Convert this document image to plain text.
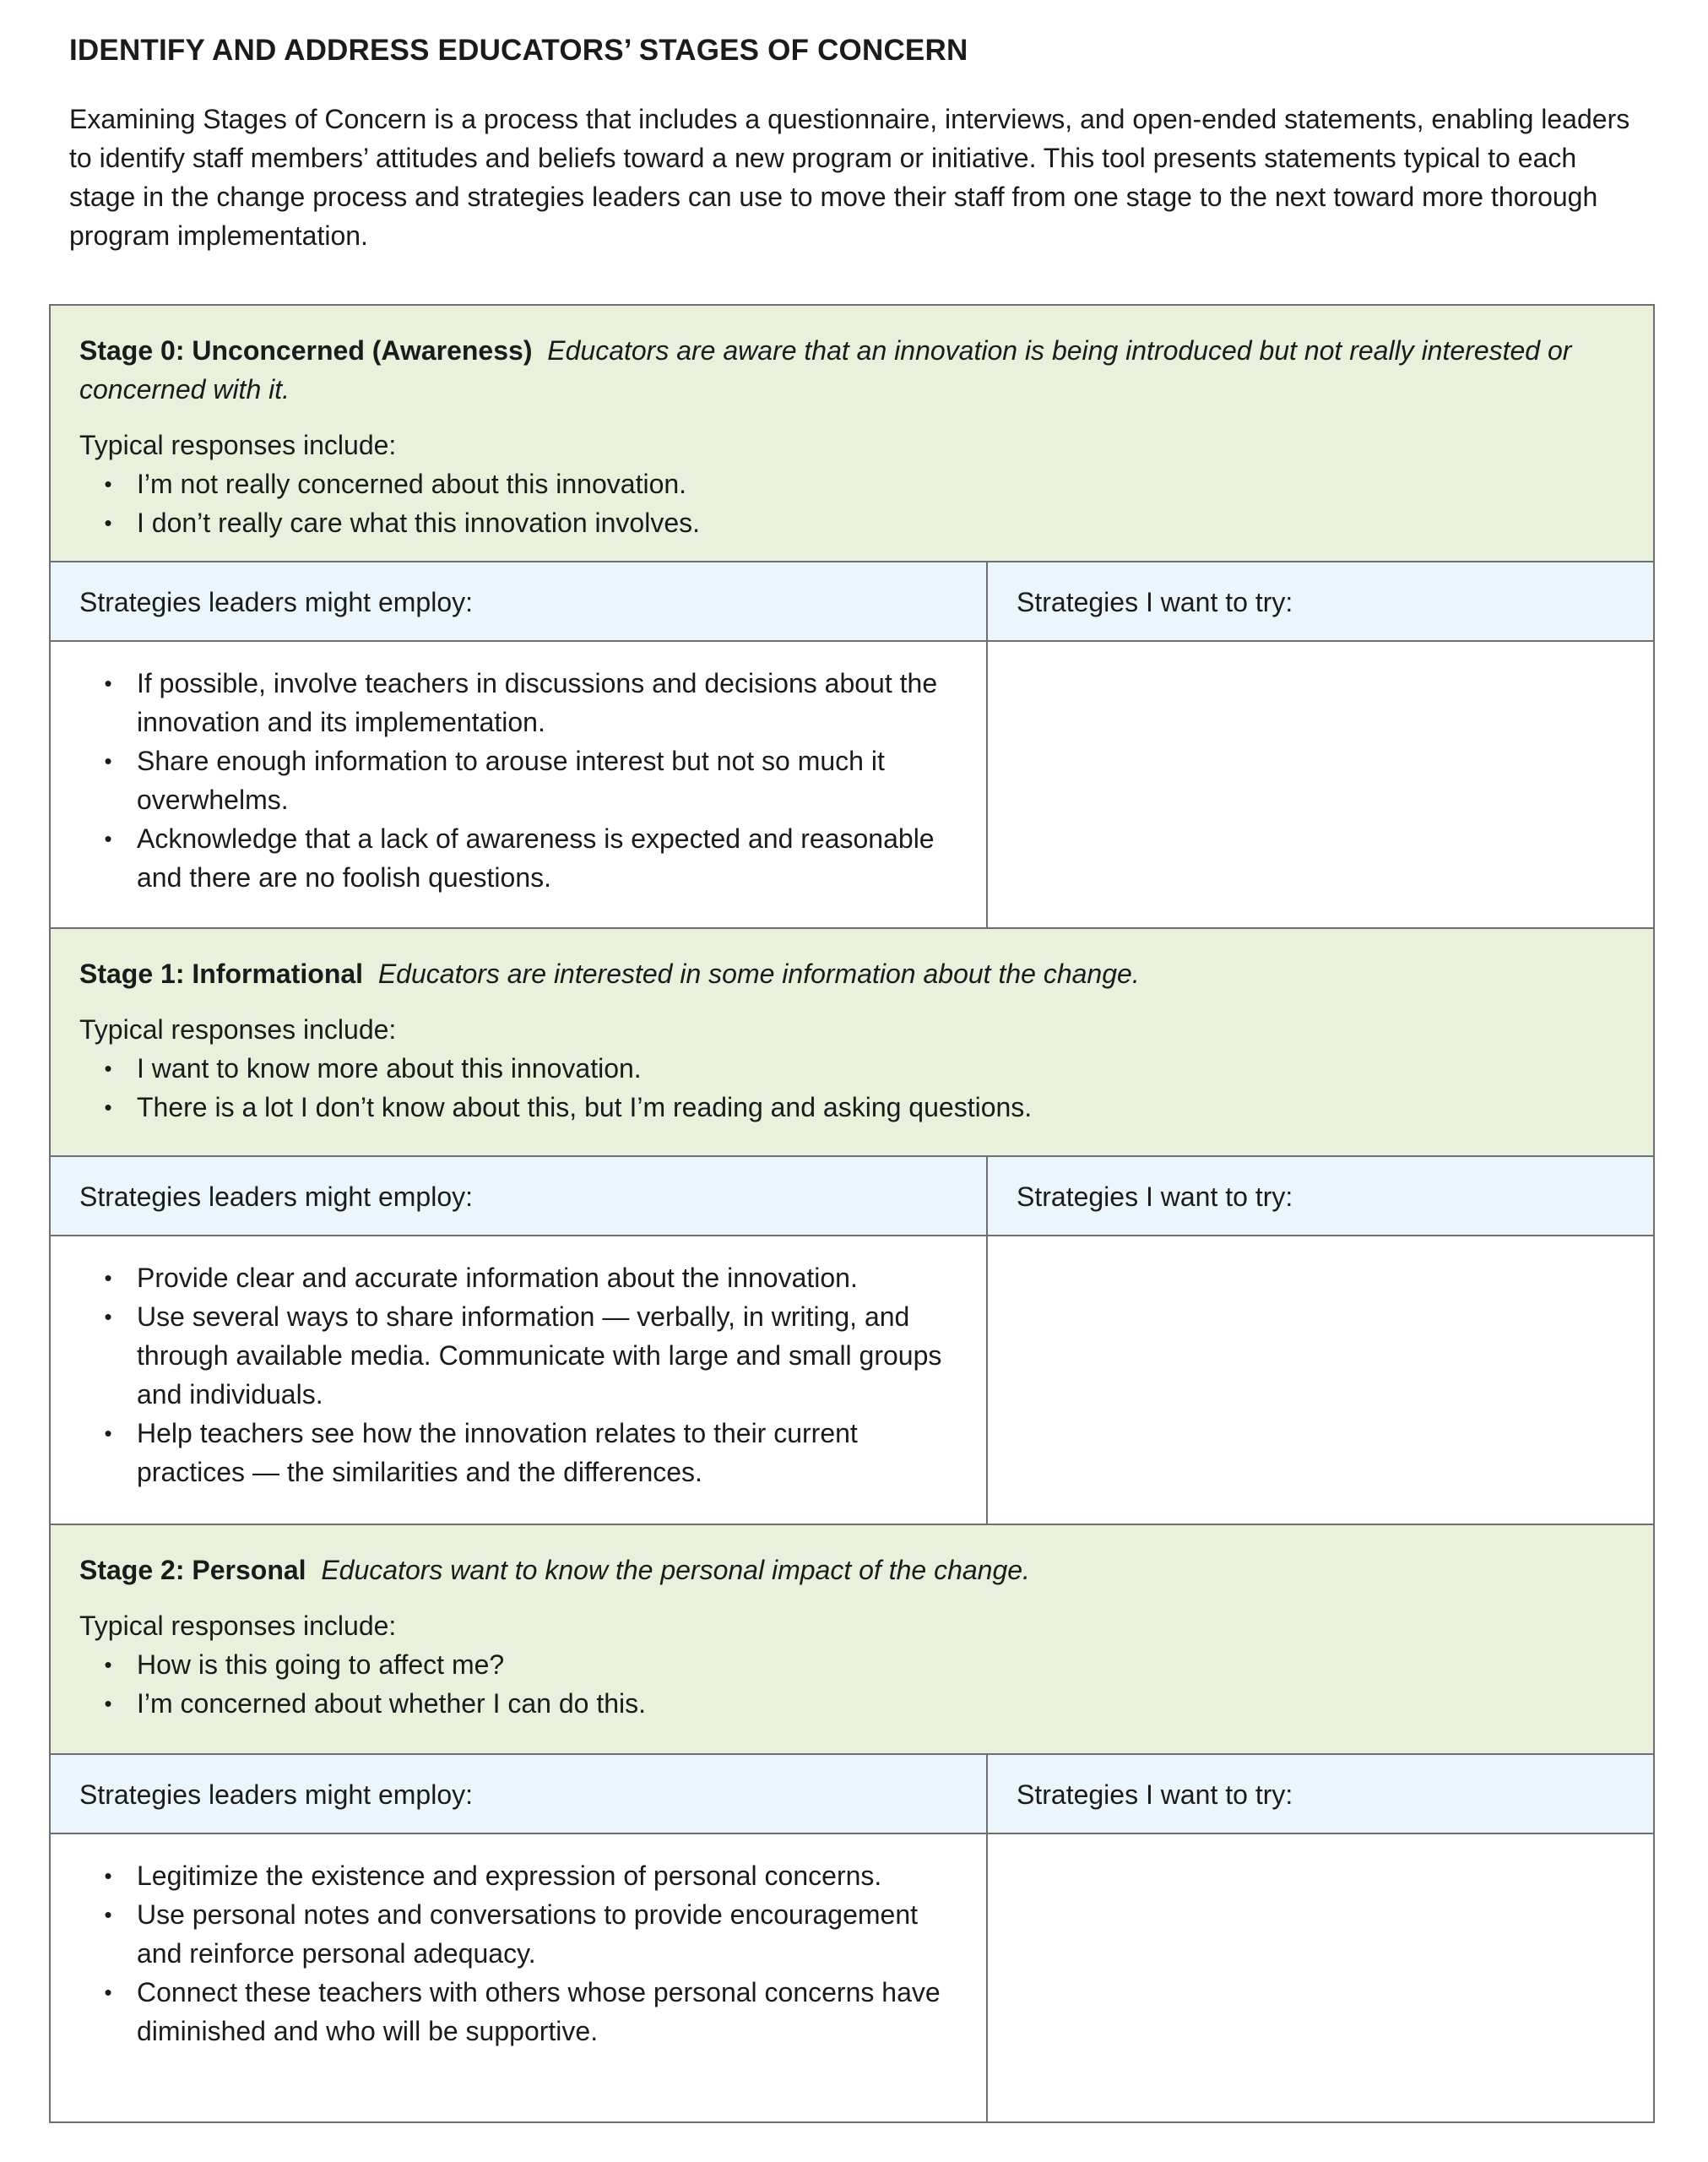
IDENTIFY AND ADDRESS EDUCATORS’ STAGES OF CONCERN

Examining Stages of Concern is a process that includes a questionnaire, interviews, and open-ended statements, enabling leaders to identify staff members’ attitudes and beliefs toward a new program or initiative. This tool presents statements typical to each stage in the change process and strategies leaders can use to move their staff from one stage to the next toward more thorough program implementation.

Stage 0: Unconcerned (Awareness) Educators are aware that an innovation is being introduced but not really interested or concerned with it.
Typical responses include:
• I’m not really concerned about this innovation.
• I don’t really care what this innovation involves.
Strategies leaders might employ:	Strategies I want to try:
• If possible, involve teachers in discussions and decisions about the innovation and its implementation.
• Share enough information to arouse interest but not so much it overwhelms.
• Acknowledge that a lack of awareness is expected and reasonable and there are no foolish questions.
Stage 1: Informational Educators are interested in some information about the change.
Typical responses include:
• I want to know more about this innovation.
• There is a lot I don’t know about this, but I’m reading and asking questions.
Strategies leaders might employ:	Strategies I want to try:
• Provide clear and accurate information about the innovation.
• Use several ways to share information — verbally, in writing, and through available media. Communicate with large and small groups and individuals.
• Help teachers see how the innovation relates to their current practices — the similarities and the differences.
Stage 2: Personal Educators want to know the personal impact of the change.
Typical responses include:
• How is this going to affect me?
• I’m concerned about whether I can do this.
Strategies leaders might employ:	Strategies I want to try:
• Legitimize the existence and expression of personal concerns.
• Use personal notes and conversations to provide encouragement and reinforce personal adequacy.
• Connect these teachers with others whose personal concerns have diminished and who will be supportive.
